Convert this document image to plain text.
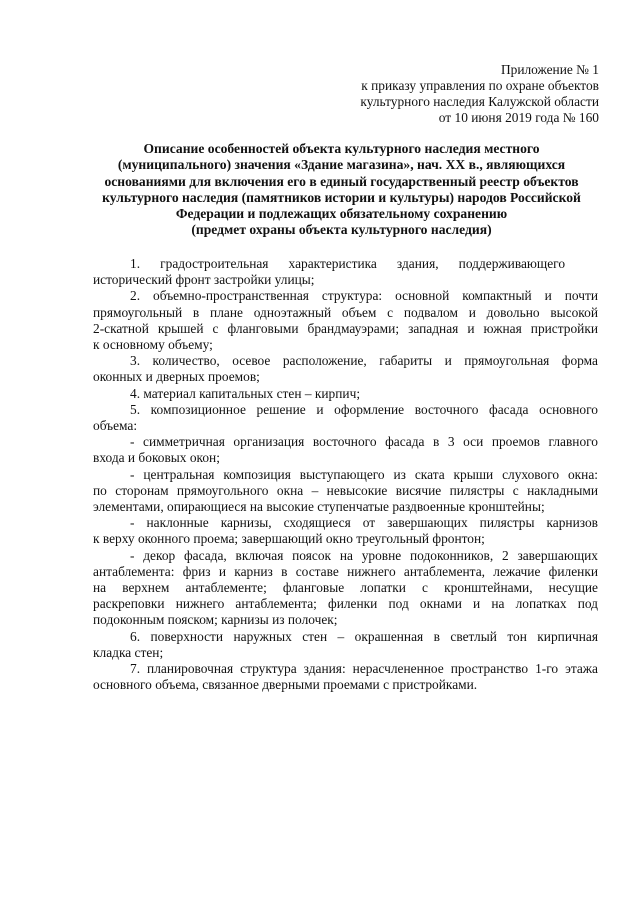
Приложение № 1
к приказу управления по охране объектов
культурного наследия Калужской области
от 10 июня 2019 года № 160
Описание особенностей объекта культурного наследия местного
(муниципального) значения «Здание магазина», нач. XX в., являющихся
основаниями для включения его в единый государственный реестр объектов
культурного наследия (памятников истории и культуры) народов Российской
Федерации и подлежащих обязательному сохранению
(предмет охраны объекта культурного наследия)
1.      градостроительная      характеристика      здания,      поддерживающего
исторический фронт застройки улицы;
2. объемно-пространственная структура: основной компактный и почти
прямоугольный в плане одноэтажный объем с подвалом и довольно высокой
2-скатной крышей с фланговыми брандмауэрами; западная и южная пристройки
к основному объему;
3. количество, осевое расположение, габариты и прямоугольная форма
оконных и дверных проемов;
4. материал капитальных стен – кирпич;
5. композиционное решение и оформление восточного фасада основного
объема:
- симметричная организация восточного фасада в 3 оси проемов главного
входа и боковых окон;
- центральная композиция выступающего из ската крыши слухового окна:
по сторонам прямоугольного окна – невысокие висячие пилястры с накладными
элементами, опирающиеся на высокие ступенчатые раздвоенные кронштейны;
- наклонные карнизы, сходящиеся от завершающих пилястры карнизов
к верху оконного проема; завершающий окно треугольный фронтон;
- декор фасада, включая поясок на уровне подоконников, 2 завершающих
антаблемента: фриз и карниз в составе нижнего антаблемента, лежачие филенки
на верхнем антаблементе; фланговые лопатки с кронштейнами, несущие
раскреповки нижнего антаблемента; филенки под окнами и на лопатках под
подоконным пояском; карнизы из полочек;
6. поверхности наружных стен – окрашенная в светлый тон кирпичная
кладка стен;
7. планировочная структура здания: нерасчлененное пространство 1-го этажа
основного объема, связанное дверными проемами с пристройками.
